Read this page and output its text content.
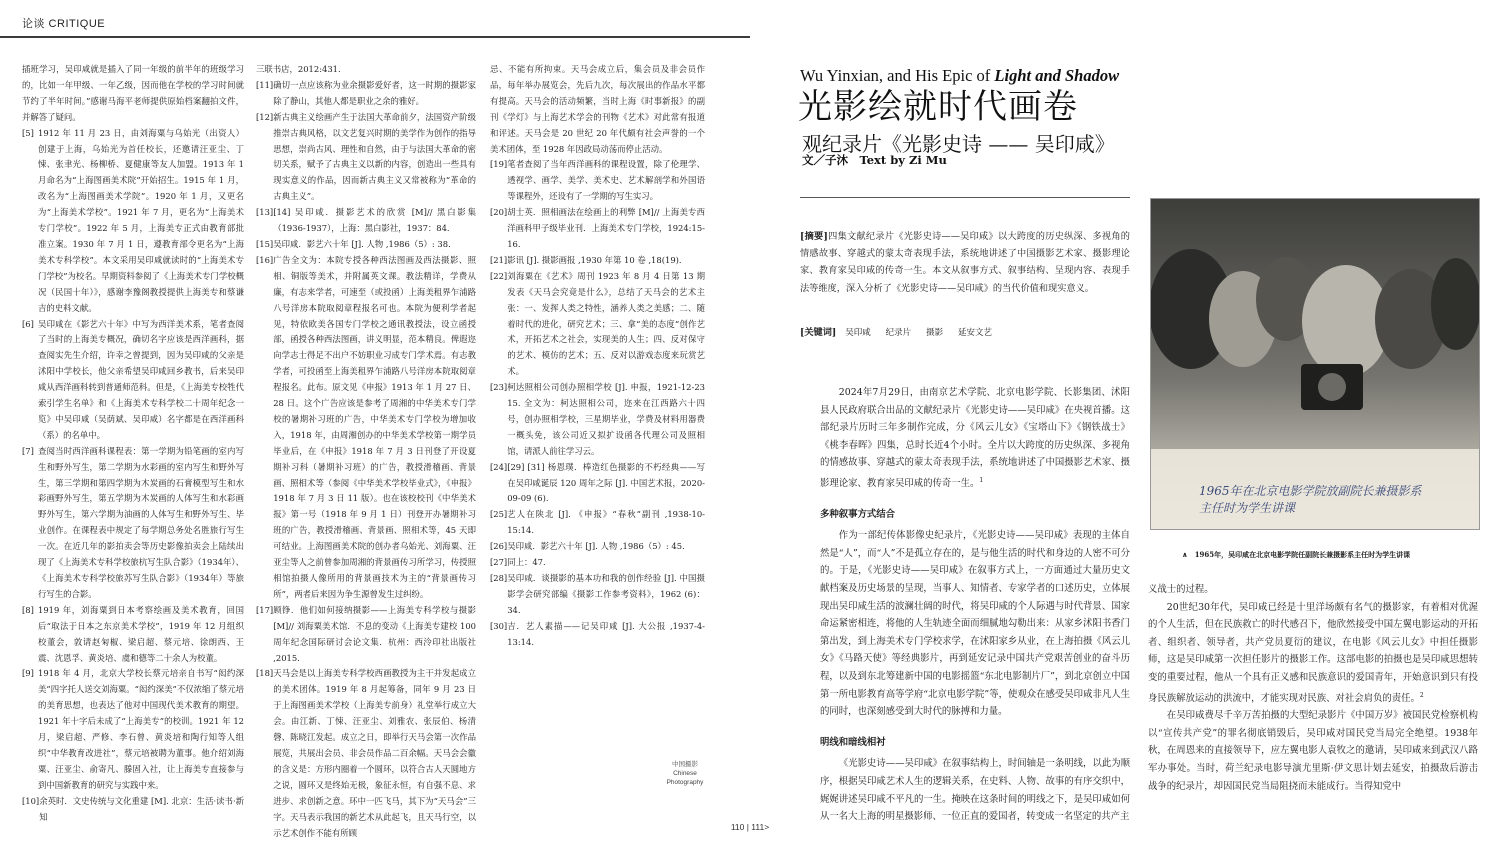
论谈 CRITIQUE

插班学习，吴印咸就是插入了同一年级的前半年的班级学习的，比如一年甲级、一年乙级，因而他在学校的学习时间就节约了半年时间。”感谢马海平老师提供原始档案翻拍文件，并解答了疑问。

[5] 1912 年 11 月 23 日，由刘海粟与乌始光（出资人）创建于上海，乌始光为首任校长，还邀请汪亚尘、丁悚、张聿光、杨柳桥、夏健康等友人加盟。1913 年 1 月命名为“上海图画美术院”开始招生。1915 年 1 月，改名为“上海图画美术学院”。1920 年 1 月，又更名为“上海美术学校”。1921 年 7 月，更名为“上海美术专门学校”。1922 年 5 月，上海美专正式由教育部批准立案。1930 年 7 月 1 日，遵教育部令更名为“上海美术专科学校”。本文采用吴印咸就读时的“上海美术专门学校”为校名。早期资料参阅了《上海美术专门学校概况（民国十年）》，感谢李豫阁教授提供上海美专和蔡谦吉的史料文献。
[6] 吴印咸在《影艺六十年》中写为西洋美术系，笔者查阅了当时的上海美专概况，确切名字应该是西洋画科，据查阅实先生介绍，许幸之曾提到，因为吴印咸的父亲是沭阳中学校长，他父亲希望吴印咸回乡教书，后来吴印咸从西洋画科转到普通师范科。但是，《上海美专校牲代索引学生名单》和《上海美术专科学校二十周年纪念一览》中吴印咸（吴荫斌、吴印咸）名字都是在西洋画科（系）的名单中。
[7] 查阅当时西洋画科课程表：第一学期为铅笔画的室内写生和野外写生，第二学期为水彩画的室内写生和野外写生，第三学期和第四学期为木炭画的石膏模型写生和水彩画野外写生，第五学期为木炭画的人体写生和水彩画野外写生，第六学期为油画的人体写生和野外写生、毕业创作。在课程表中规定了每学期总务处名胜旅行写生一次。在近几年的影拍卖会等历史影像拍卖会上陆续出现了《上海美术专科学校旅杭写生队合影》（1934年）、《上海美术专科学校旅苏写生队合影》（1934年）等旅行写生的合影。
[8] 1919 年，刘海粟到日本考察绘画及美术教育，回国后“取法于日本之东京美术学校”，1919 年 12 月组织校董会，敦请赵匊椒、梁启超、蔡元培、徐朗西、王震、沈恩孚、黄炎培、虞和德等二十余人为校董。
[9] 1918 年 4 月，北京大学校长蔡元培亲自书写“闳约深美”四字托人送交刘海粟。“闳约深美”不仅浓缩了蔡元培的美育思想，也表达了他对中国现代美术教育的期望。1921 年十字后未成了“上海美专”的校训。1921 年 12 月，梁启超、严修、李石曾、黄炎培和陶行知等人组织“中华教育改进社”，蔡元培被聘为董事。他介绍刘海粟、汪亚尘、俞寄凡、滕固入社，让上海美专直接参与到中国新教育的研究与实践中来。
[10] 余英时．文史传统与文化重建 [M]. 北京：生活·读书·新知

三联书店，2012:431.

[11] 确切一点应该称为业余摄影爱好者，这一时期的摄影家除了静山，其他人都是职业之余的雅好。
[12] 新古典主义绘画产生于法国大革命前夕，法国资产阶级推崇古典风格，以文艺复兴时期的美学作为创作的指导思想，崇尚古风、理性和自然，由于与法国大革命的密切关系，赋予了古典主义以新的内容，创造出一些具有现实意义的作品，因而新古典主义又常被称为“革命的古典主义”。
[13] [14] 吴印咸．摄影艺术的欣赏 [M]// 黑白影集（1936-1937），上海：黑白影社，1937：84.
[15] 吴印咸．影艺六十年 [J]. 人物 ,1986（5）: 38.
[16] 广告全文为：本院专授各种西法图画及西法摄影、照相、铜版等美术，并附属英文课。教法精详，学费从廉，有志来学者，可速至（或投函）上海美租界乍浦路八号洋房本院取阅章程报名可也。本院为便利学者起见，特依欧美各国专门学校之通讯教授法，设立函授部，函授各种西法图画，讲义明显，范本精良。俾遐迩向学志士得足不出户不妨职业习成专门学术焉。有志教学者，可投函至上海美租界乍浦路八号洋房本院取阅章程报名。此布。原文见《申报》1913 年 1 月 27 日、28 日。这个广告应该是参考了周湘的中华美术专门学校的暑期补习班的广告，中华美术专门学校为增加收入，1918 年，由周湘创办的中华美术学校第一期学员毕业后，在《申报》1918 年 7 月 3 日刊登了开设夏期补习科（暑期补习班）的广告，教授滑稽画、背景画、照相术等（参阅《中华美术学校毕业式》，《申报》1918 年 7 月 3 日 11 版）。也在该校校刊《中华美术报》第一号（1918 年 9 月 1 日）刊登开办暑期补习班的广告，教授滑稽画、背景画、照相术等，45 天即可结业。上海图画美术院的创办者乌始光、刘海粟、汪亚尘等人之前曾参加周湘的背景画传习所学习，传授照相馆拍摄人像所用的背景画技术为主的“背景画传习所”，两者后来因为争生源曾发生过纠纷。
[17] 顾铮．他们如何接纳摄影——上海美专科学校与摄影 [M]// 刘海粟美术馆．不息的变动《上海美专建校 100 周年纪念国际研讨会论文集．杭州：西泠印社出版社 ,2015.
[18] 天马会是以上海美专科学校西画教授为主干并发起成立的美术团体。1919 年 8 月起筹备，同年 9 月 23 日于上海图画美术学校（上海美专前身）礼堂举行成立大会。由江新、丁悚、汪亚尘、刘雅农、张辰伯、杨清磬、陈晓江发起。成立之日，即举行天马会第一次作品展览，共展出会员、非会员作品二百余幅。天马会会徽的含义是：方形内圈着一个圆环，以符合古人天圆地方之说，圆环又是终始无极，象征永恒，有自强不息、求进步、求创新之意。环中一匹飞马，其下为“天马会”三字。天马表示我国的新艺术从此起飞，且天马行空，以示艺术创作不能有所顾

忌、不能有所拘束。天马会成立后，集会员及非会员作品，每年举办展览会，先后九次，每次展出的作品水平都有提高。天马会的活动频繁，当时上海《时事新报》的副刊《学灯》与上海艺术学会的刊物《艺术》对此常有报道和评述。天马会是 20 世纪 20 年代颇有社会声誉的一个美术团体，至 1928 年因政局动荡而停止活动。

[19] 笔者查阅了当年西洋画科的课程设置，除了伦理学、透视学、画学、美学、美术史、艺术解剖学和外国语等课程外，还设有了一学期的写生实习。
[20] 胡士英．照相画法在绘画上的利弊 [M]// 上海美专西洋画科甲子级毕业刊．上海美术专门学校，1924:15-16.
[21] 影讯 [J]. 摄影画报 ,1930 年第 10 卷 ,18(19).
[22] 刘海粟在《艺术》周刊 1923 年 8 月 4 日第 13 期发表《天马会究竟是什么》，总结了天马会的艺术主张：一、发挥人类之特性，涵养人类之美感；二、随着时代的进化，研究艺术；三、拿“美的态度”创作艺术，开拓艺术之社会，实现美的人生；四、反对保守的艺术、模仿的艺术；五、反对以游戏态度来玩赏艺术。
[23] 柯达照相公司创办照相学校 [J]. 申报，1921-12-23 15. 全文为：柯达照相公司，迩来在江西路六十四号，创办照相学校，三星期毕业，学费及材料用器费一概头免，该公司近又拟扩设函各代理公司及照相馆，请派人前往学习云。
[24] [29] [31] 杨恩璞．棒造红色摄影的不朽经典——写在吴印咸诞辰 120 周年之际 [J]. 中国艺术报，2020-09-09 (6).
[25] 艺人在陕北 [J]. 《申报》“春秋”副刊 ,1938-10-15:14.
[26] 吴印咸．影艺六十年 [J]. 人物 ,1986（5）: 45.
[27] 同上：47.
[28] 吴印咸．谈摄影的基本功和我的创作经验 [J]. 中国摄影学会研究部编《摄影工作参考资料》，1962 (6)：34.
[30] 吉．艺人素描——记吴印咸 [J]. 大公报 ,1937-4-13:14.
中国摄影
Chinese
Photography
110 | 111>
Wu Yinxian, and His Epic of Light and Shadow
光影绘就时代画卷
观纪录片《光影史诗 —— 吴印咸》
文／子沐　Text by Zi Mu
[摘要]四集文献纪录片《光影史诗——吴印咸》以大跨度的历史纵深、多视角的情感故事、穿越式的蒙太奇表现手法，系统地讲述了中国摄影艺术家、摄影理论家、教育家吴印咸的传奇一生。本文从叙事方式、叙事结构、呈现内容、表现手法等维度，深入分析了《光影史诗——吴印咸》的当代价值和现实意义。
[关键词] 吴印咸 纪录片 摄影 延安文艺

2024年7月29日，由南京艺术学院、北京电影学院、长影集团、沭阳县人民政府联合出品的文献纪录片《光影史诗——吴印咸》在央视首播。这部纪录片历时三年多制作完成，分《风云儿女》《宝塔山下》《钢铁战士》《桃李春晖》四集，总时长近4个小时。全片以大跨度的历史纵深、多视角的情感故事、穿越式的蒙太奇表现手法，系统地讲述了中国摄影艺术家、摄影理论家、教育家吴印咸的传奇一生。$^1$

多种叙事方式结合

作为一部纪传体影像史纪录片，《光影史诗——吴印咸》表现的主体自然是“人”，而“人”不是孤立存在的，是与他生活的时代和身边的人密不可分的。于是，《光影史诗——吴印咸》在叙事方式上，一方面通过大量历史文献档案及历史场景的呈现，当事人、知情者、专家学者的口述历史，立体展现出吴印咸生活的波澜壮阔的时代，将吴印咸的个人际遇与时代背景、国家命运紧密相连，将他的人生轨迹全面而细腻地勾勒出来：从家乡沭阳书香门第出发，到上海美术专门学校求学，在沭阳家乡从业，在上海拍摄《风云儿女》《马路天使》等经典影片，再到延安记录中国共产党艰苦创业的奋斗历程，以及到东北筹建新中国的电影摇篮“东北电影制片厂”，到北京创立中国第一所电影教育高等学府“北京电影学院”等，使观众在感受吴印咸非凡人生的同时，也深刻感受到大时代的脉搏和力量。

明线和暗线相衬

《光影史诗——吴印咸》在叙事结构上，时间轴是一条明线，以此为顺序，根据吴印咸艺术人生的逻辑关系，在史料、人物、故事的有序交织中，娓娓讲述吴印咸不平凡的一生。掩映在这条时间的明线之下，是吴印咸如何从一名大上海的明星摄影师、一位正直的爱国者，转变成一名坚定的共产主

1965年在北京电影学院放副院长兼摄影系
主任时为学生讲课
∧　 1965年，吴印咸在北京电影学院任副院长兼摄影系主任时为学生讲课

义战士的过程。

20世纪30年代，吴印咸已经是十里洋场颇有名气的摄影家，有着相对优渥的个人生活，但在民族救亡的时代感召下，他欣然接受中国左翼电影运动的开拓者、组织者、领导者，共产党员夏衍的建议，在电影《风云儿女》中担任摄影师，这是吴印咸第一次担任影片的摄影工作。这部电影的拍摄也是吴印咸思想转变的重要过程，他从一个具有正义感和民族意识的爱国青年，开始意识到只有投身民族解放运动的洪流中，才能实现对民族、对社会肩负的责任。$^2$

在吴印咸费尽千辛万苦拍摄的大型纪录影片《中国万岁》被国民党检察机构以“宣传共产党”的罪名彻底销毁后，吴印咸对国民党当局完全绝望。1938年秋，在周恩来的直接领导下，应左翼电影人袁牧之的邀请，吴印咸来到武汉八路军办事处。当时，荷兰纪录电影导演尤里斯·伊文思计划去延安，拍摄敌后游击战争的纪录片，却因国民党当局阻挠而未能成行。当得知党中
